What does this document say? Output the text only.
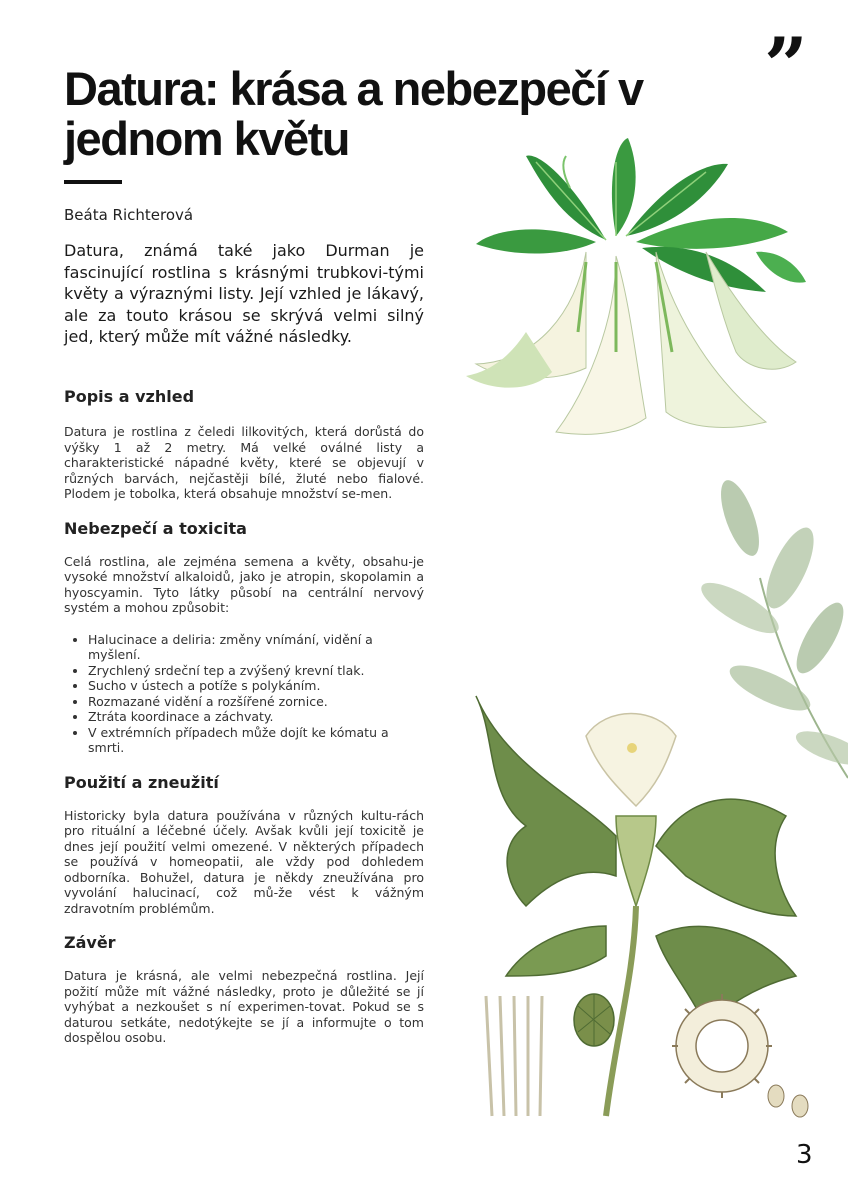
”
Datura: krása a nebezpečí v jednom květu
Beáta Richterová

Datura, známá také jako Durman je fascinující rostlina s krásnými trubkovi-tými květy a výraznými listy. Její vzhled je lákavý, ale za touto krásou se skrývá velmi silný jed, který může mít vážné následky.

Popis a vzhled

Datura je rostlina z čeledi lilkovitých, která dorůstá do výšky 1 až 2 metry. Má velké oválné listy a charakteristické nápadné květy, které se objevují v různých barvách, nejčastěji bílé, žluté nebo fialové. Plodem je tobolka, která obsahuje množství se-men.

Nebezpečí a toxicita

Celá rostlina, ale zejména semena a květy, obsahu-je vysoké množství alkaloidů, jako je atropin, skopolamin a hyoscyamin. Tyto látky působí na centrální nervový systém a mohou způsobit:

• Halucinace a deliria: změny vnímání, vidění a myšlení.
• Zrychlený srdeční tep a zvýšený krevní tlak.
• Sucho v ústech a potíže s polykáním.
• Rozmazané vidění a rozšířené zornice.
• Ztráta koordinace a záchvaty.
• V extrémních případech může dojít ke kómatu a smrti.
Použití a zneužití

Historicky byla datura používána v různých kultu-rách pro rituální a léčebné účely. Avšak kvůli její toxicitě je dnes její použití velmi omezené. V některých případech se používá v homeopatii, ale vždy pod dohledem odborníka. Bohužel, datura je někdy zneužívána pro vyvolání halucinací, což mů-že vést k vážným zdravotním problémům.

Závěr

Datura je krásná, ale velmi nebezpečná rostlina. Její požití může mít vážné následky, proto je důležité se jí vyhýbat a nezkoušet s ní experimen-tovat. Pokud se s daturou setkáte, nedotýkejte se jí a informujte o tom dospělou osobu.

3
